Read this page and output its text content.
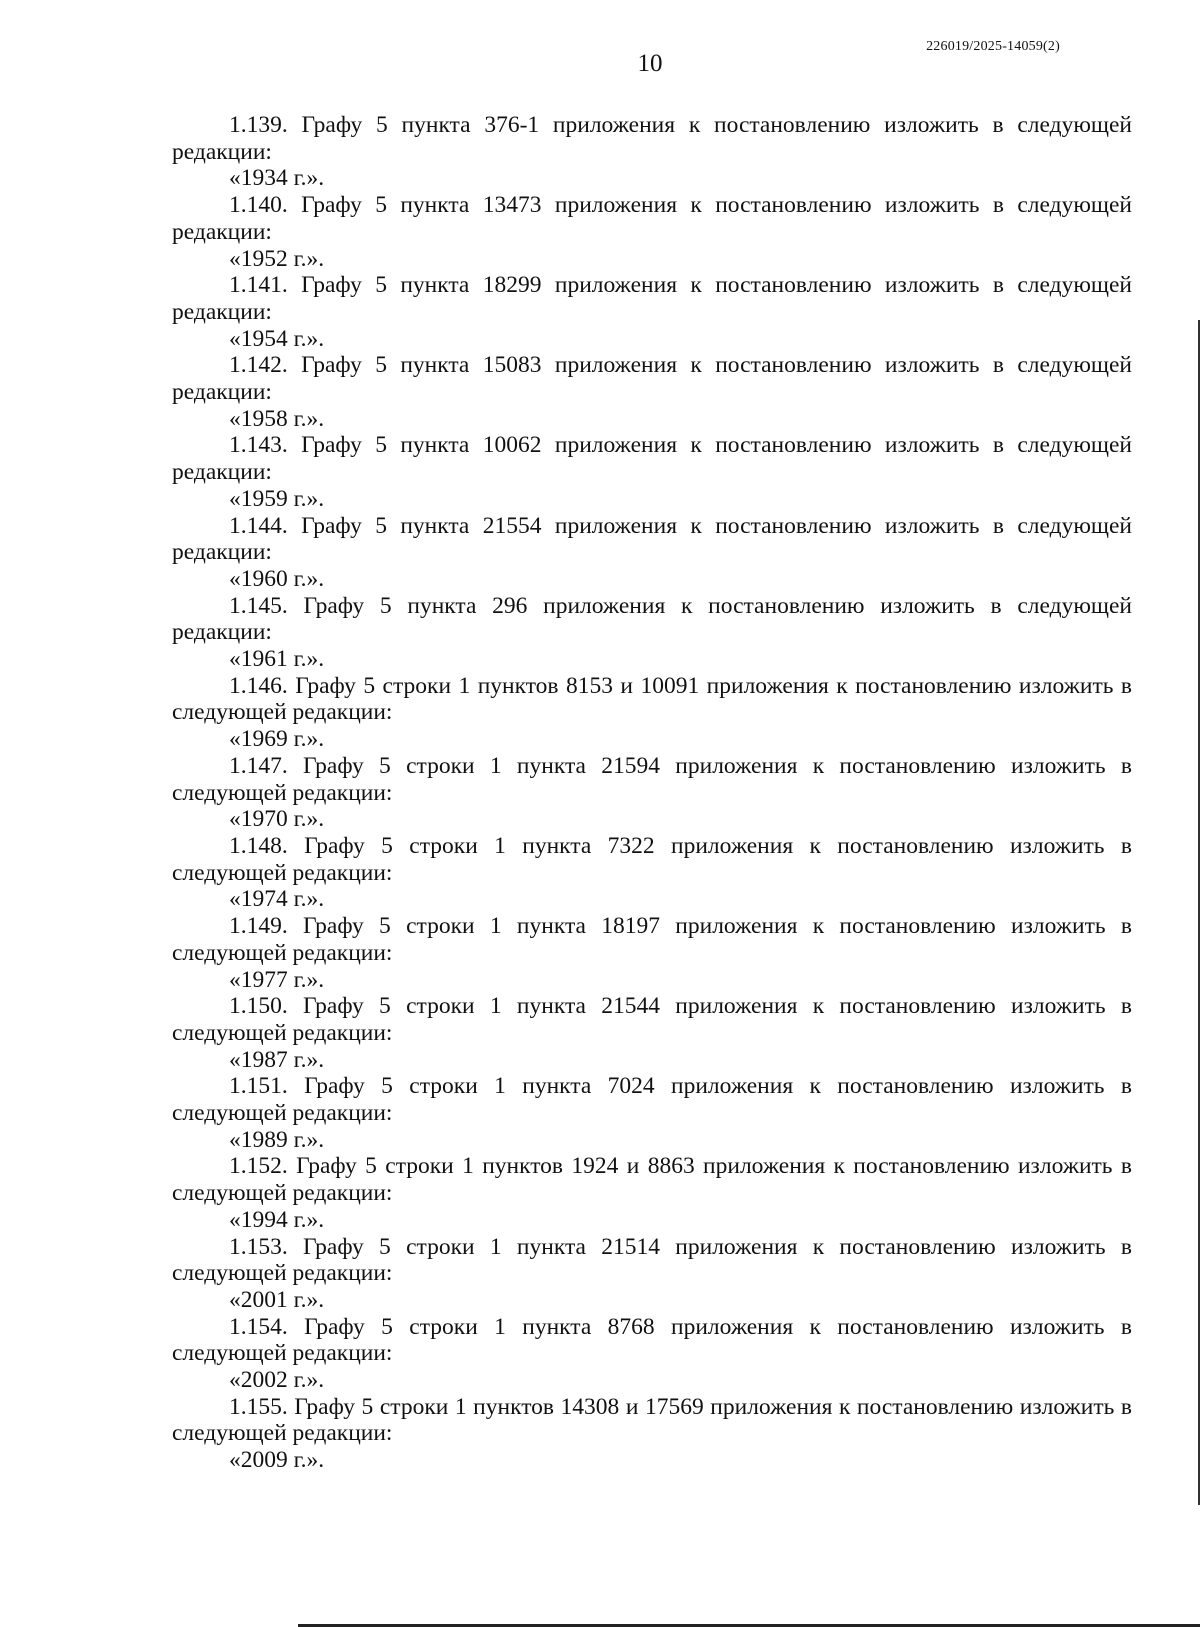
10
226019/2025-14059(2)

1.139. Графу 5 пункта 376-1 приложения к постановлению изложить в следующей редакции:

«1934 г.».

1.140. Графу 5 пункта 13473 приложения к постановлению изложить в следующей редакции:

«1952 г.».

1.141. Графу 5 пункта 18299 приложения к постановлению изложить в следующей редакции:

«1954 г.».

1.142. Графу 5 пункта 15083 приложения к постановлению изложить в следующей редакции:

«1958 г.».

1.143. Графу 5 пункта 10062 приложения к постановлению изложить в следующей редакции:

«1959 г.».

1.144. Графу 5 пункта 21554 приложения к постановлению изложить в следующей редакции:

«1960 г.».

1.145. Графу 5 пункта 296 приложения к постановлению изложить в следующей редакции:

«1961 г.».

1.146. Графу 5 строки 1 пунктов 8153 и 10091 приложения к постановлению изложить в следующей редакции:

«1969 г.».

1.147. Графу 5 строки 1 пункта 21594 приложения к постановлению изложить в следующей редакции:

«1970 г.».

1.148. Графу 5 строки 1 пункта 7322 приложения к постановлению изложить в следующей редакции:

«1974 г.».

1.149. Графу 5 строки 1 пункта 18197 приложения к постановлению изложить в следующей редакции:

«1977 г.».

1.150. Графу 5 строки 1 пункта 21544 приложения к постановлению изложить в следующей редакции:

«1987 г.».

1.151. Графу 5 строки 1 пункта 7024 приложения к постановлению изложить в следующей редакции:

«1989 г.».

1.152. Графу 5 строки 1 пунктов 1924 и 8863 приложения к постановлению изложить в следующей редакции:

«1994 г.».

1.153. Графу 5 строки 1 пункта 21514 приложения к постановлению изложить в следующей редакции:

«2001 г.».

1.154. Графу 5 строки 1 пункта 8768 приложения к постановлению изложить в следующей редакции:

«2002 г.».

1.155. Графу 5 строки 1 пунктов 14308 и 17569 приложения к постановлению изложить в следующей редакции:

«2009 г.».
